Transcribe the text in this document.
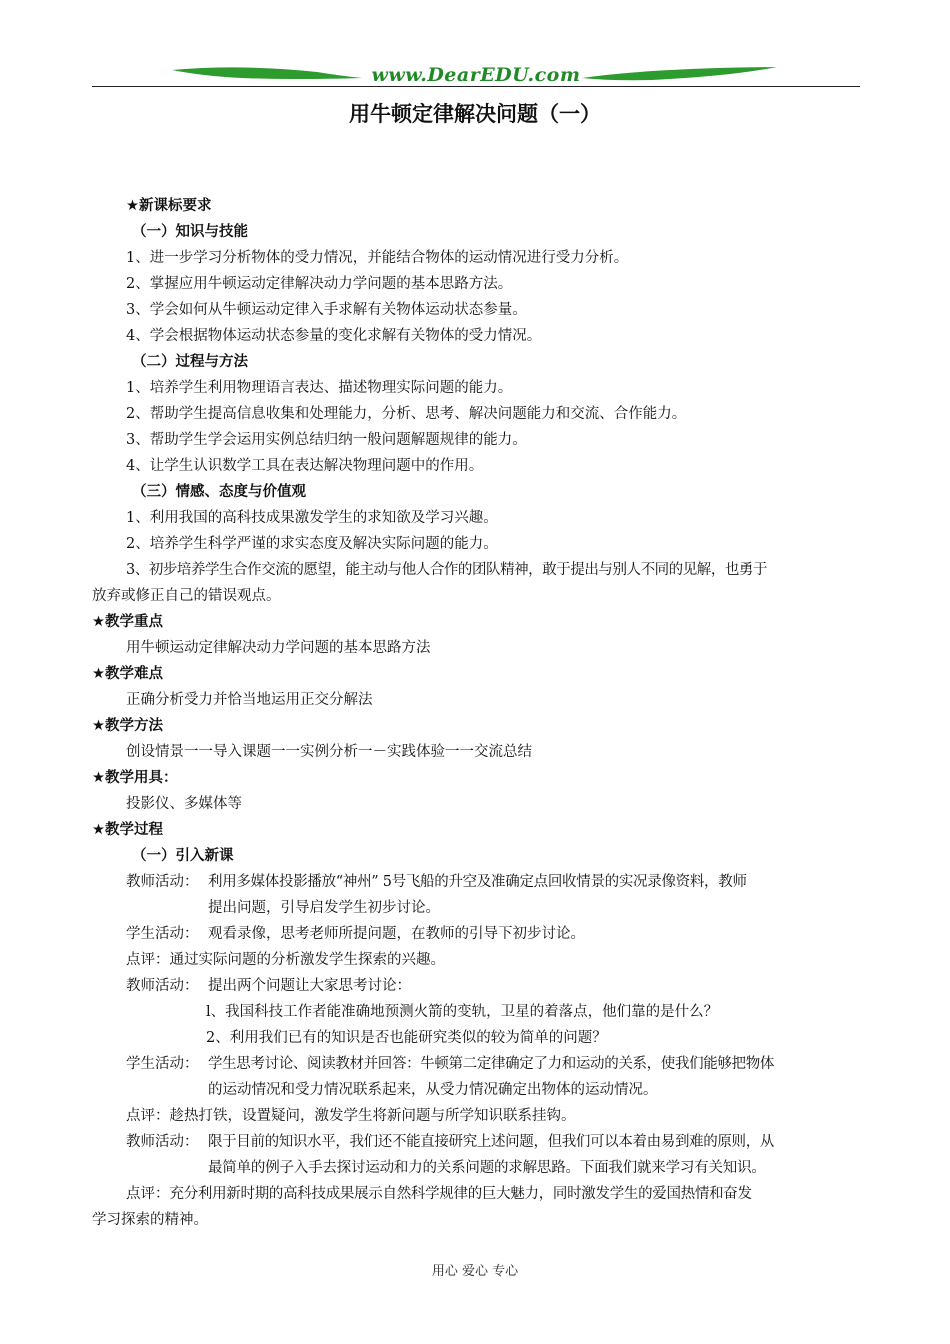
www.DearEDU.com
用牛顿定律解决问题（一）
★新课标要求
（一）知识与技能
1、进一步学习分析物体的受力情况，并能结合物体的运动情况进行受力分析。
2、掌握应用牛顿运动定律解决动力学问题的基本思路方法。
3、学会如何从牛顿运动定律入手求解有关物体运动状态参量。
4、学会根据物体运动状态参量的变化求解有关物体的受力情况。
（二）过程与方法
1、培养学生利用物理语言表达、描述物理实际问题的能力。
2、帮助学生提高信息收集和处理能力，分析、思考、解决问题能力和交流、合作能力。
3、帮助学生学会运用实例总结归纳一般问题解题规律的能力。
4、让学生认识数学工具在表达解决物理问题中的作用。
（三）情感、态度与价值观
1、利用我国的高科技成果激发学生的求知欲及学习兴趣。
2、培养学生科学严谨的求实态度及解决实际问题的能力。
3、初步培养学生合作交流的愿望，能主动与他人合作的团队精神，敢于提出与别人不同的见解，也勇于
放弃或修正自己的错误观点。
★教学重点
用牛顿运动定律解决动力学问题的基本思路方法
★教学难点
正确分析受力并恰当地运用正交分解法
★教学方法
创设情景一一导入课题一一实例分析一－实践体验一一交流总结
★教学用具：
投影仪、多媒体等
★教学过程
（一）引入新课
教师活动： 利用多媒体投影播放“神州” 5号飞船的升空及准确定点回收情景的实况录像资料，教师
提出问题，引导启发学生初步讨论。
学生活动： 观看录像，思考老师所提问题，在教师的引导下初步讨论。
点评：通过实际问题的分析激发学生探索的兴趣。
教师活动： 提出两个问题让大家思考讨论：
l、我国科技工作者能准确地预测火箭的变轨，卫星的着落点，他们靠的是什么？
2、利用我们已有的知识是否也能研究类似的较为简单的问题？
学生活动： 学生思考讨论、阅读教材并回答：牛顿第二定律确定了力和运动的关系，使我们能够把物体
的运动情况和受力情况联系起来，从受力情况确定出物体的运动情况。
点评：趁热打铁，设置疑问，激发学生将新问题与所学知识联系挂钩。
教师活动： 限于目前的知识水平，我们还不能直接研究上述问题，但我们可以本着由易到难的原则，从
最简单的例子入手去探讨运动和力的关系问题的求解思路。下面我们就来学习有关知识。
点评：充分利用新时期的高科技成果展示自然科学规律的巨大魅力，同时激发学生的爱国热情和奋发
学习探索的精神。
用心 爱心 专心
